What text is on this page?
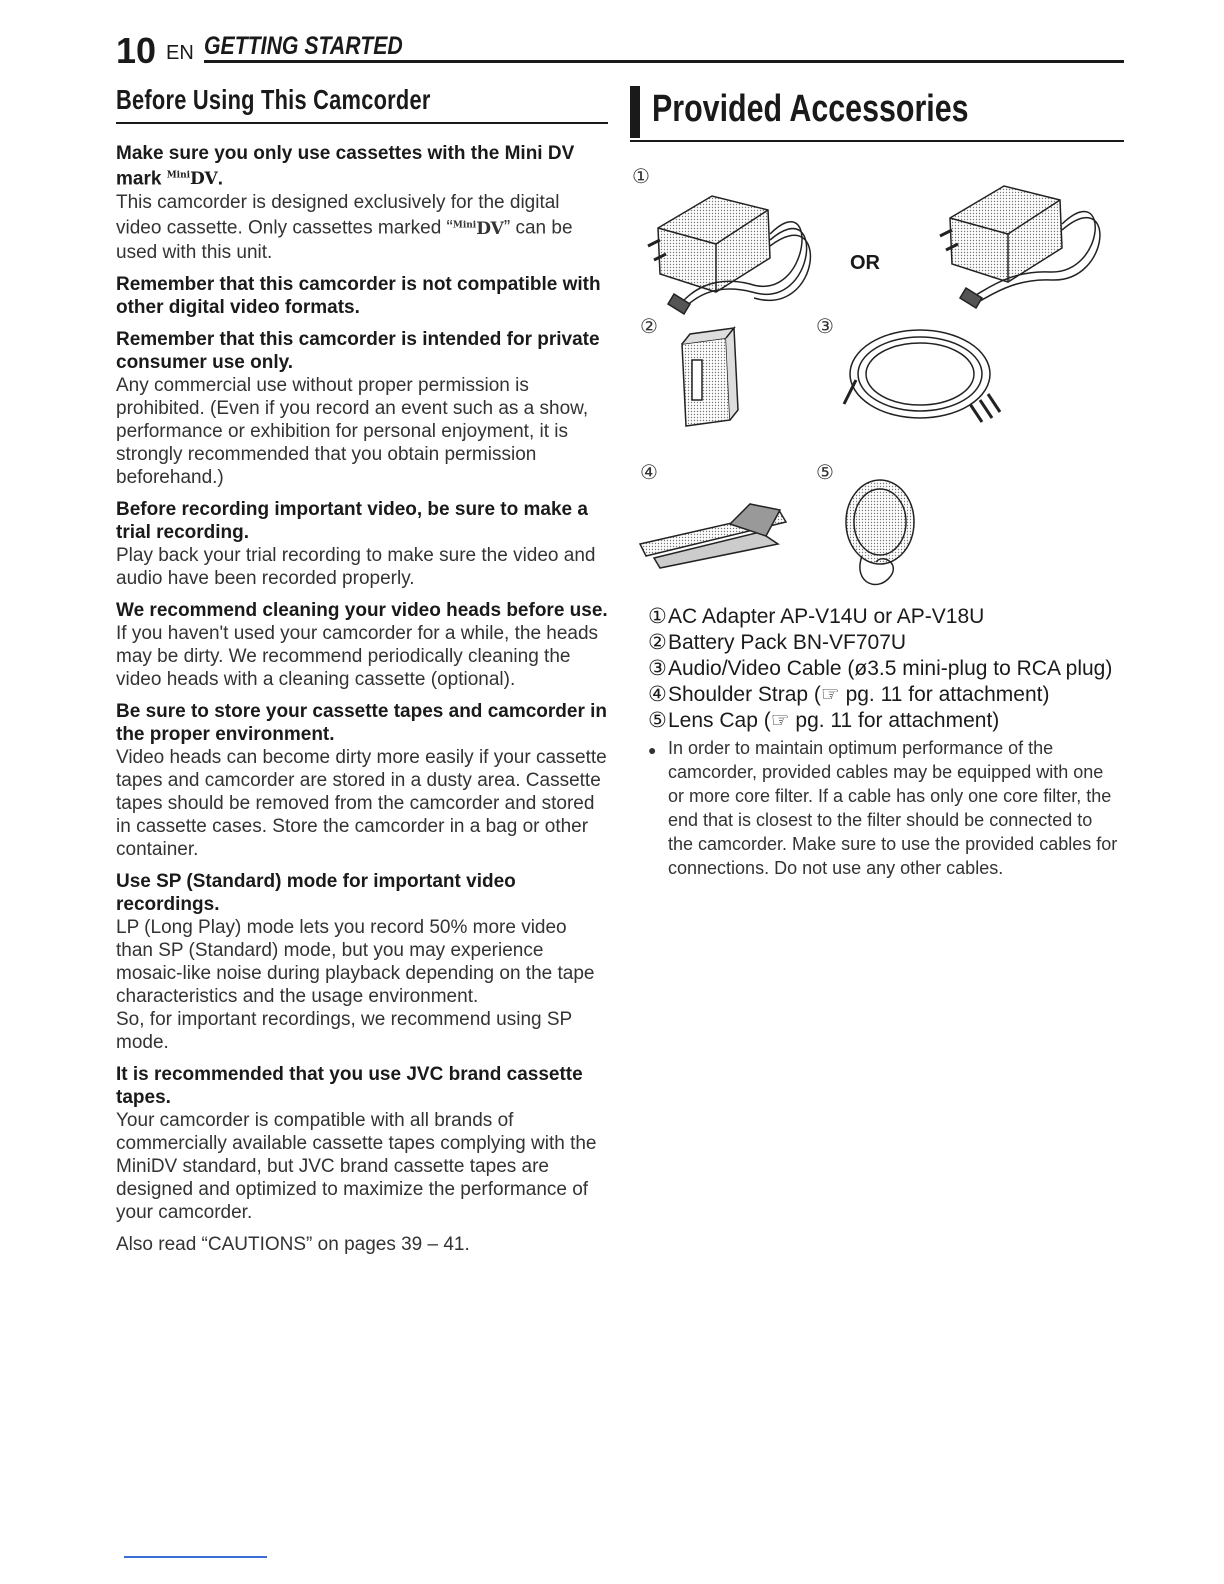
10 EN GETTING STARTED
Before Using This Camcorder
Make sure you only use cassettes with the Mini DV mark $^{Mini}$DV.
This camcorder is designed exclusively for the digital video cassette. Only cassettes marked “$^{Mini}$DV” can be used with this unit.
Remember that this camcorder is not compatible with other digital video formats.
Remember that this camcorder is intended for private consumer use only.
Any commercial use without proper permission is prohibited. (Even if you record an event such as a show, performance or exhibition for personal enjoyment, it is strongly recommended that you obtain permission beforehand.)
Before recording important video, be sure to make a trial recording.
Play back your trial recording to make sure the video and audio have been recorded properly.
We recommend cleaning your video heads before use.
If you haven't used your camcorder for a while, the heads may be dirty. We recommend periodically cleaning the video heads with a cleaning cassette (optional).
Be sure to store your cassette tapes and camcorder in the proper environment.
Video heads can become dirty more easily if your cassette tapes and camcorder are stored in a dusty area. Cassette tapes should be removed from the camcorder and stored in cassette cases. Store the camcorder in a bag or other container.
Use SP (Standard) mode for important video recordings.
LP (Long Play) mode lets you record 50% more video than SP (Standard) mode, but you may experience mosaic-like noise during playback depending on the tape characteristics and the usage environment.
So, for important recordings, we recommend using SP mode.
It is recommended that you use JVC brand cassette tapes.
Your camcorder is compatible with all brands of commercially available cassette tapes complying with the MiniDV standard, but JVC brand cassette tapes are designed and optimized to maximize the performance of your camcorder.
Also read “CAUTIONS” on pages 39 – 41.
Provided Accessories
①
②	③
④	⑤
OR
① AC Adapter AP-V14U or AP-V18U
② Battery Pack BN-VF707U
③ Audio/Video Cable (ø3.5 mini-plug to RCA plug)
④ Shoulder Strap (☞ pg. 11 for attachment)
⑤ Lens Cap (☞ pg. 11 for attachment)
● In order to maintain optimum performance of the camcorder, provided cables may be equipped with one or more core filter. If a cable has only one core filter, the end that is closest to the filter should be connected to the camcorder. Make sure to use the provided cables for connections. Do not use any other cables.
